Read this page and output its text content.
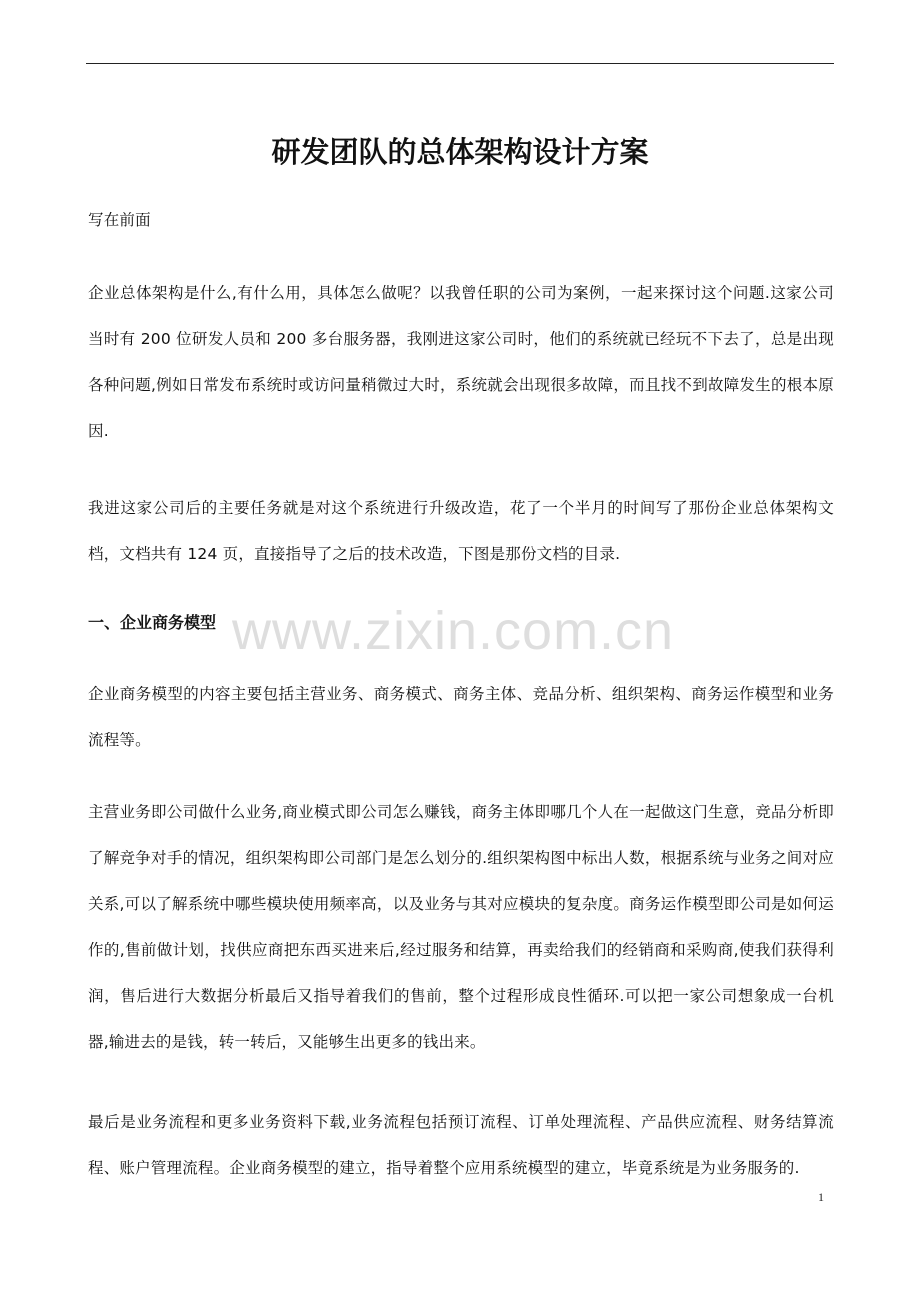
研发团队的总体架构设计方案

写在前面

企业总体架构是什么,有什么用，具体怎么做呢？以我曾任职的公司为案例，一起来探讨这个问题.这家公司当时有 200 位研发人员和 200 多台服务器，我刚进这家公司时，他们的系统就已经玩不下去了，总是出现各种问题,例如日常发布系统时或访问量稍微过大时，系统就会出现很多故障，而且找不到故障发生的根本原因.

我进这家公司后的主要任务就是对这个系统进行升级改造，花了一个半月的时间写了那份企业总体架构文档，文档共有 124 页，直接指导了之后的技术改造，下图是那份文档的目录.

一、企业商务模型

企业商务模型的内容主要包括主营业务、商务模式、商务主体、竞品分析、组织架构、商务运作模型和业务流程等。

主营业务即公司做什么业务,商业模式即公司怎么赚钱，商务主体即哪几个人在一起做这门生意，竞品分析即了解竞争对手的情况，组织架构即公司部门是怎么划分的.组织架构图中标出人数，根据系统与业务之间对应关系,可以了解系统中哪些模块使用频率高，以及业务与其对应模块的复杂度。商务运作模型即公司是如何运作的,售前做计划，找供应商把东西买进来后,经过服务和结算，再卖给我们的经销商和采购商,使我们获得利润，售后进行大数据分析最后又指导着我们的售前，整个过程形成良性循环.可以把一家公司想象成一台机器,输进去的是钱，转一转后，又能够生出更多的钱出来。

最后是业务流程和更多业务资料下载,业务流程包括预订流程、订单处理流程、产品供应流程、财务结算流程、账户管理流程。企业商务模型的建立，指导着整个应用系统模型的建立，毕竟系统是为业务服务的.

www.zixin.com.cn
1
